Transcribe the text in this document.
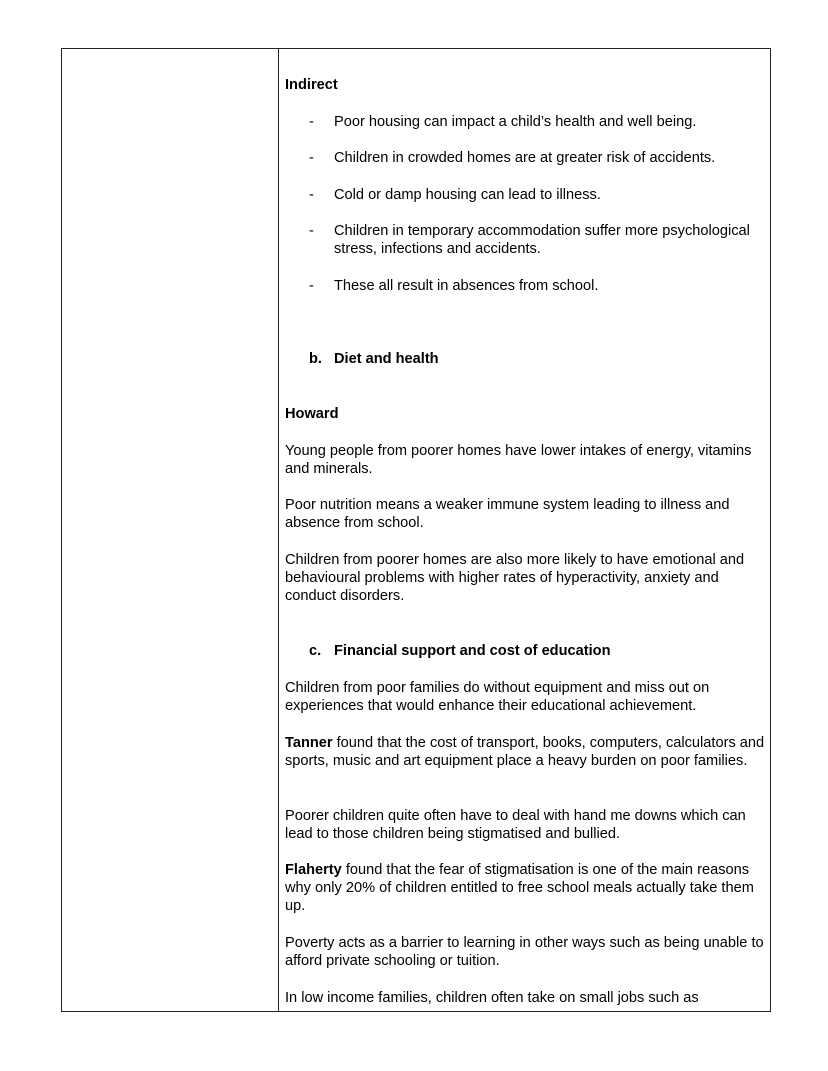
Indirect
- Poor housing can impact a child’s health and well being.
- Children in crowded homes are at greater risk of accidents.
- Cold or damp housing can lead to illness.
- Children in temporary accommodation suffer more psychological stress, infections and accidents.
- These all result in absences from school.
b. Diet and health
Howard
Young people from poorer homes have lower intakes of energy, vitamins and minerals.
Poor nutrition means a weaker immune system leading to illness and absence from school.
Children from poorer homes are also more likely to have emotional and behavioural problems with higher rates of hyperactivity, anxiety and conduct disorders.
c. Financial support and cost of education
Children from poor families do without equipment and miss out on experiences that would enhance their educational achievement.
Tanner found that the cost of transport, books, computers, calculators and sports, music and art equipment place a heavy burden on poor families.
Poorer children quite often have to deal with hand me downs which can lead to those children being stigmatised and bullied.
Flaherty found that the fear of stigmatisation is one of the main reasons why only 20% of children entitled to free school meals actually take them up.
Poverty acts as a barrier to learning in other ways such as being unable to afford private schooling or tuition.
In low income families, children often take on small jobs such as
